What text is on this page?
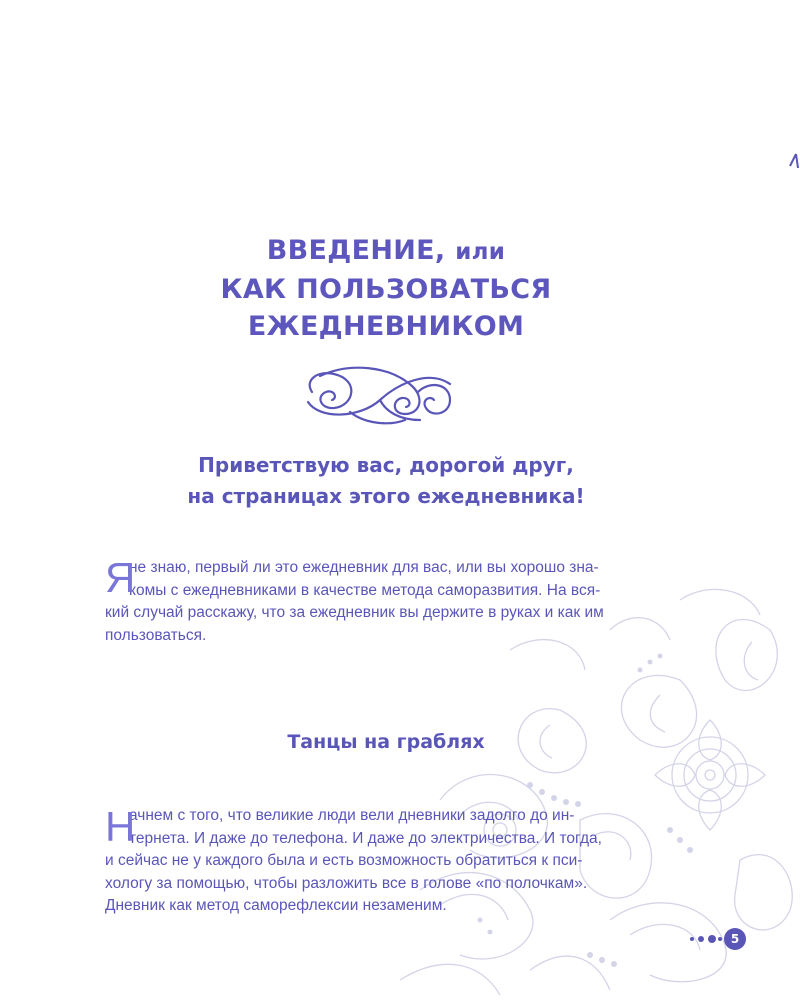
ВВЕДЕНИЕ, или
КАК ПОЛЬЗОВАТЬСЯ
ЕЖЕДНЕВНИКОМ
Приветствую вас, дорогой друг,
на страницах этого ежедневника!
Я
не знаю, первый ли это ежедневник для вас, или вы хорошо зна-
комы с ежедневниками в качестве метода саморазвития. На вся-
кий случай расскажу, что за ежедневник вы держите в руках и как им
пользоваться.
Танцы на граблях
Н
ачнем с того, что великие люди вели дневники задолго до ин-
тернета. И даже до телефона. И даже до электричества. И тогда,
и сейчас не у каждого была и есть возможность обратиться к пси-
хологу за помощью, чтобы разложить все в голове «по полочкам».
Дневник как метод саморефлексии незаменим.
5
